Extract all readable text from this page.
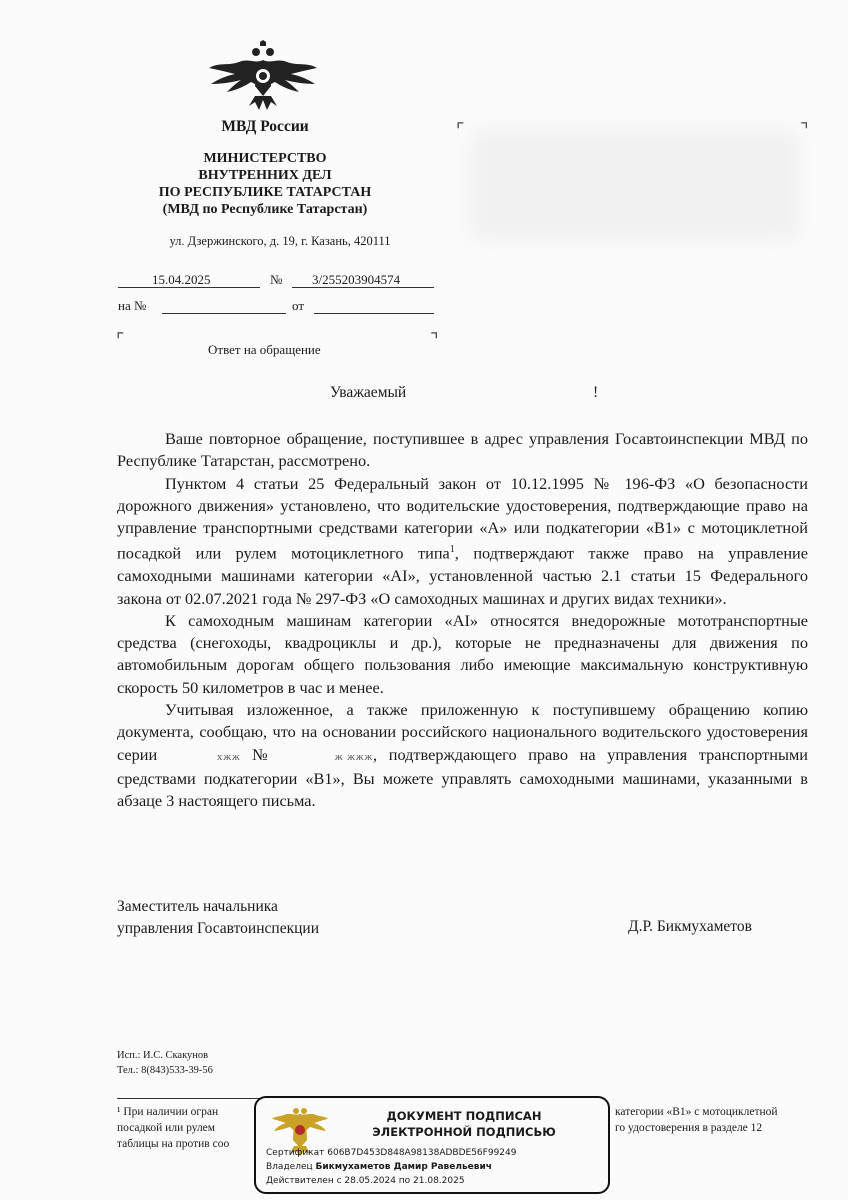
МВД России
МИНИСТЕРСТВО
ВНУТРЕННИХ ДЕЛ
ПО РЕСПУБЛИКЕ ТАТАРСТАН
(МВД по Республике Татарстан)
ул. Дзержинского, д. 19, г. Казань, 420111
15.04.2025	№ 3/255203904574
на №	от
⌜	⌝
Ответ на обращение
⌜	⌝
Уважаемый	!

Ваше повторное обращение, поступившее в адрес управления Госавтоинспекции МВД по Республике Татарстан, рассмотрено.

Пунктом 4 статьи 25 Федеральный закон от 10.12.1995 № 196-ФЗ «О безопасности дорожного движения» установлено, что водительские удостоверения, подтверждающие право на управление транспортными средствами категории «А» или подкатегории «В1» с мотоциклетной посадкой или рулем мотоциклетного типа$^1$, подтверждают также право на управление самоходными машинами категории «AI», установленной частью 2.1 статьи 15 Федерального закона от 02.07.2021 года № 297-ФЗ «О самоходных машинах и других видах техники».

К самоходным машинам категории «AI» относятся внедорожные мототранспортные средства (снегоходы, квадроциклы и др.), которые не предназначены для движения по автомобильным дорогам общего пользования либо имеющие максимальную конструктивную скорость 50 километров в час и менее.

Учитывая изложенное, а также приложенную к поступившему обращению копию документа, сообщаю, что на основании российского национального водительского удостоверения серии	хжж №	ж жжж, подтверждающего право на управления транспортными средствами подкатегории «В1», Вы можете управлять самоходными машинами, указанными в абзаце 3 настоящего письма.

Заместитель начальника
управления Госавтоинспекции	Д.Р. Бикмухаметов
Исп.: И.С. Скакунов
Тел.: 8(843)533-39-56
¹ При наличии огран
посадкой или рулем
таблицы на против соо
категории «В1» с мотоциклетной
го удостоверения в разделе 12
ДОКУМЕНТ ПОДПИСАН
ЭЛЕКТРОННОЙ ПОДПИСЬЮ
Сертификат 606B7D453D848A98138ADBDE56F99249
Владелец Бикмухаметов Дамир Равельевич
Действителен с 28.05.2024 по 21.08.2025
